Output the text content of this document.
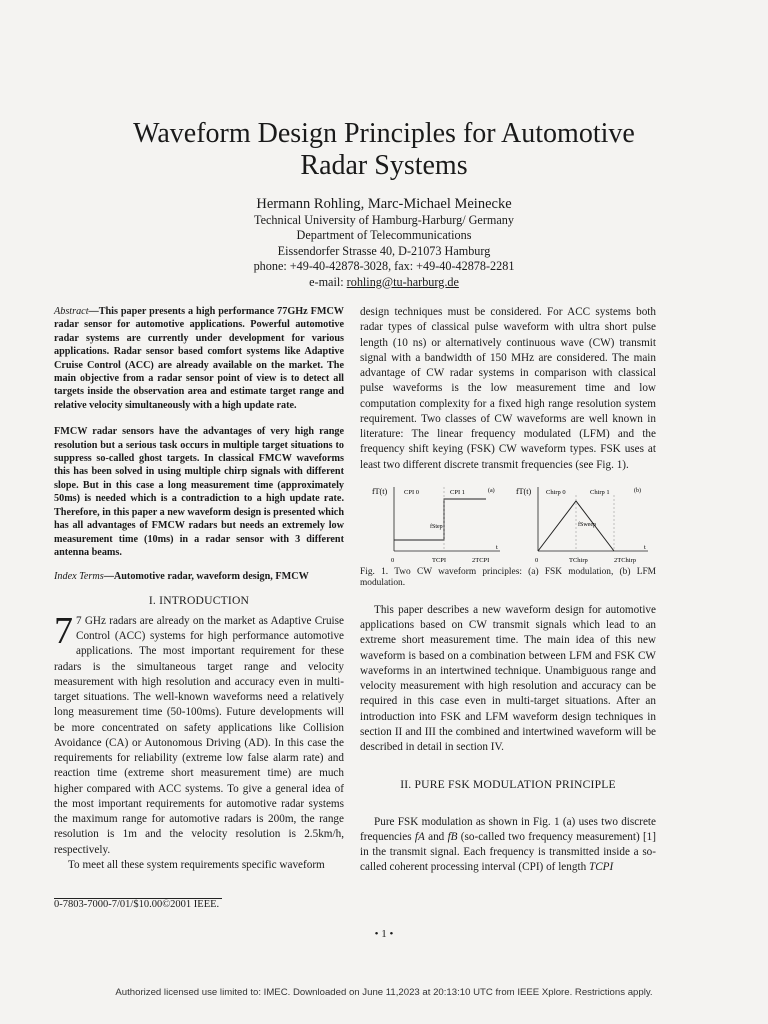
Waveform Design Principles for Automotive
Radar Systems
Hermann Rohling, Marc-Michael Meinecke
Technical University of Hamburg-Harburg/ Germany
Department of Telecommunications
Eissendorfer Strasse 40, D-21073 Hamburg
phone: +49-40-42878-3028, fax: +49-40-42878-2281
e-mail: rohling@tu-harburg.de
Abstract—This paper presents a high performance 77GHz FMCW radar sensor for automotive applications. Powerful automotive radar systems are currently under development for various applications. Radar sensor based comfort systems like Adaptive Cruise Control (ACC) are already available on the market. The main objective from a radar sensor point of view is to detect all targets inside the observation area and estimate target range and relative velocity simultaneously with a high update rate.
FMCW radar sensors have the advantages of very high range resolution but a serious task occurs in multiple target situations to suppress so-called ghost targets. In classical FMCW waveforms this has been solved in using multiple chirp signals with different slope. But in this case a long measurement time (approximately 50ms) is needed which is a contradiction to a high update rate. Therefore, in this paper a new waveform design is presented which has all advantages of FMCW radars but needs an extremely low measurement time (10ms) in a radar sensor with 3 different antenna beams.
Index Terms—Automotive radar, waveform design, FMCW
I. INTRODUCTION

7 7 GHz radars are already on the market as Adaptive Cruise Control (ACC) systems for high performance automotive applications. The most important requirement for these radars is the simultaneous target range and velocity measurement with high resolution and accuracy even in multi-target situations. The well-known waveforms need a relatively long measurement time (50-100ms). Future developments will be more concentrated on safety applications like Collision Avoidance (CA) or Autonomous Driving (AD). In this case the requirements for reliability (extreme low false alarm rate) and reaction time (extreme short measurement time) are much higher compared with ACC systems. To give a general idea of the most important requirements for automotive radar systems the maximum range for automotive radars is 200m, the range resolution is 1m and the velocity resolution is 2.5km/h, respectively.

To meet all these system requirements specific waveform

design techniques must be considered. For ACC systems both radar types of classical pulse waveform with ultra short pulse length (10 ns) or alternatively continuous wave (CW) transmit signal with a bandwidth of 150 MHz are considered. The main advantage of CW radar systems in comparison with classical pulse waveforms is the low measurement time and low computation complexity for a fixed high range resolution system requirement. Two classes of CW waveforms are well known in literature: The linear frequency modulated (LFM) and the frequency shift keying (FSK) CW waveform types. FSK uses at least two different discrete transmit frequencies (see Fig. 1).

fT(t)	CPI 0	CPI 1	(a)
fStep
0	TCPI	2TCPI
t
fT(t) Chirp 0	Chirp 1	(b)
fSweep
0	TChirp	2TChirp
t
Fig. 1. Two CW waveform principles: (a) FSK modulation, (b) LFM modulation.

This paper describes a new waveform design for automotive applications based on CW transmit signals which lead to an extreme short measurement time. The main idea of this new waveform is based on a combination between LFM and FSK CW waveforms in an intertwined technique. Unambiguous range and velocity measurement with high resolution and accuracy can be required in this case even in multi-target situations. After an introduction into FSK and LFM waveform design techniques in section II and III the combined and intertwined waveform will be described in detail in section IV.

II. PURE FSK MODULATION PRINCIPLE

Pure FSK modulation as shown in Fig. 1 (a) uses two discrete frequencies fA and fB (so-called two frequency measurement) [1] in the transmit signal. Each frequency is transmitted inside a so-called coherent processing interval (CPI) of length TCPI

0-7803-7000-7/01/$10.00©2001 IEEE.
• 1 •
Authorized licensed use limited to: IMEC. Downloaded on June 11,2023 at 20:13:10 UTC from IEEE Xplore. Restrictions apply.
